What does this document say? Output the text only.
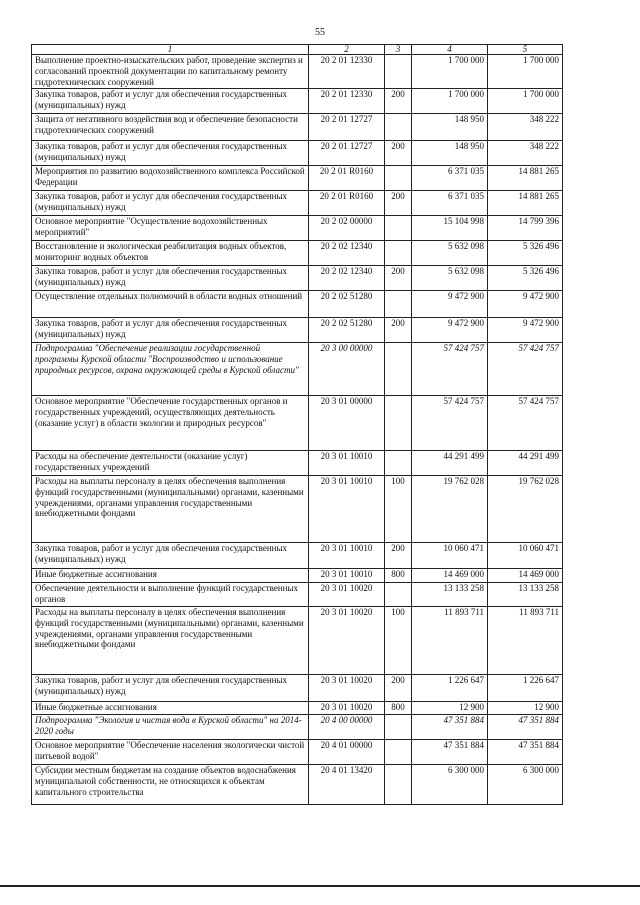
55
1	2	3	4	5
Выполнение проектно-изыскательских работ, проведение экспертиз и согласований проектной документации по капитальному ремонту гидротехнических сооружений	20 2 01 12330		1 700 000	1 700 000
Закупка товаров, работ и услуг для обеспечения государственных (муниципальных) нужд	20 2 01 12330	200	1 700 000	1 700 000
Защита от негативного воздействия вод и обеспечение безопасности гидротехнических сооружений	20 2 01 12727		148 950	348 222
Закупка товаров, работ и услуг для обеспечения государственных (муниципальных) нужд	20 2 01 12727	200	148 950	348 222
Мероприятия по развитию водохозяйственного комплекса Российской Федерации	20 2 01 R0160		6 371 035	14 881 265
Закупка товаров, работ и услуг для обеспечения государственных (муниципальных) нужд	20 2 01 R0160	200	6 371 035	14 881 265
Основное мероприятие "Осуществление водохозяйственных мероприятий"	20 2 02 00000		15 104 998	14 799 396
Восстановление и экологическая реабилитация водных объектов, мониторинг водных объектов	20 2 02 12340		5 632 098	5 326 496
Закупка товаров, работ и услуг для обеспечения государственных (муниципальных) нужд	20 2 02 12340	200	5 632 098	5 326 496
Осуществление отдельных полномочий в области водных отношений	20 2 02 51280		9 472 900	9 472 900
Закупка товаров, работ и услуг для обеспечения государственных (муниципальных) нужд	20 2 02 51280	200	9 472 900	9 472 900
Подпрограмма "Обеспечение реализации государственной программы Курской области "Воспроизводство и использование природных ресурсов, охрана окружающей среды в Курской области"	20 3 00 00000		57 424 757	57 424 757
Основное мероприятие "Обеспечение государственных органов и государственных учреждений, осуществляющих деятельность (оказание услуг) в области экологии и природных ресурсов"	20 3 01 00000		57 424 757	57 424 757
Расходы на обеспечение деятельности (оказание услуг) государственных учреждений	20 3 01 10010		44 291 499	44 291 499
Расходы на выплаты персоналу в целях обеспечения выполнения функций государственными (муниципальными) органами, казенными учреждениями, органами управления государственными внебюджетными фондами	20 3 01 10010	100	19 762 028	19 762 028
Закупка товаров, работ и услуг для обеспечения государственных (муниципальных) нужд	20 3 01 10010	200	10 060 471	10 060 471
Иные бюджетные ассигнования	20 3 01 10010	800	14 469 000	14 469 000
Обеспечение деятельности и выполнение функций государственных органов	20 3 01 10020		13 133 258	13 133 258
Расходы на выплаты персоналу в целях обеспечения выполнения функций государственными (муниципальными) органами, казенными учреждениями, органами управления государственными внебюджетными фондами	20 3 01 10020	100	11 893 711	11 893 711
Закупка товаров, работ и услуг для обеспечения государственных (муниципальных) нужд	20 3 01 10020	200	1 226 647	1 226 647
Иные бюджетные ассигнования	20 3 01 10020	800	12 900	12 900
Подпрограмма "Экология и чистая вода в Курской области" на 2014-2020 годы	20 4 00 00000		47 351 884	47 351 884
Основное мероприятие "Обеспечение населения экологически чистой питьевой водой"	20 4 01 00000		47 351 884	47 351 884
Субсидии местным бюджетам на создание объектов водоснабжения муниципальной собственности, не относящихся к объектам капитального строительства	20 4 01 13420		6 300 000	6 300 000
